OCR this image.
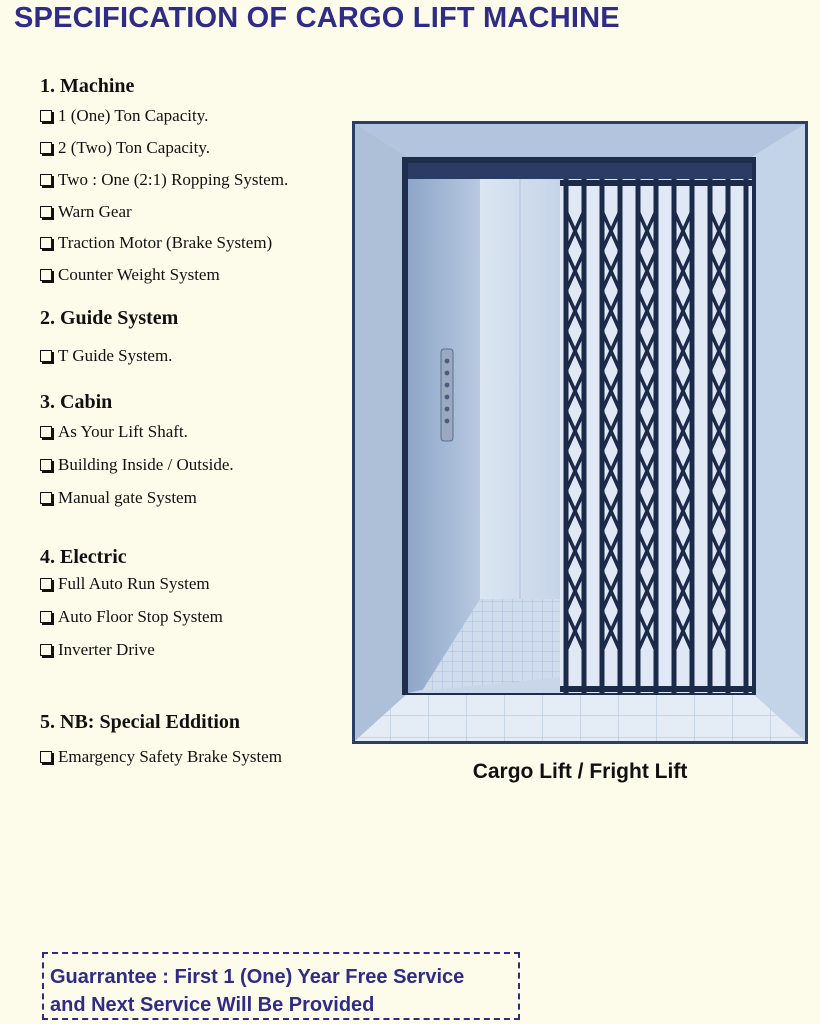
SPECIFICATION OF CARGO LIFT MACHINE
1. Machine
1 (One) Ton Capacity.
2 (Two) Ton Capacity.
Two : One (2:1) Ropping System.
Warn Gear
Traction Motor (Brake System)
Counter Weight System
2. Guide System
T Guide System.
3. Cabin
As Your Lift Shaft.
Building Inside / Outside.
Manual gate System
4. Electric
Full Auto Run System
Auto Floor Stop System
Inverter Drive
5. NB: Special Eddition
Emargency Safety Brake System
Cargo Lift / Fright Lift
Guarrantee : First 1 (One) Year Free Service
and Next Service Will Be Provided
